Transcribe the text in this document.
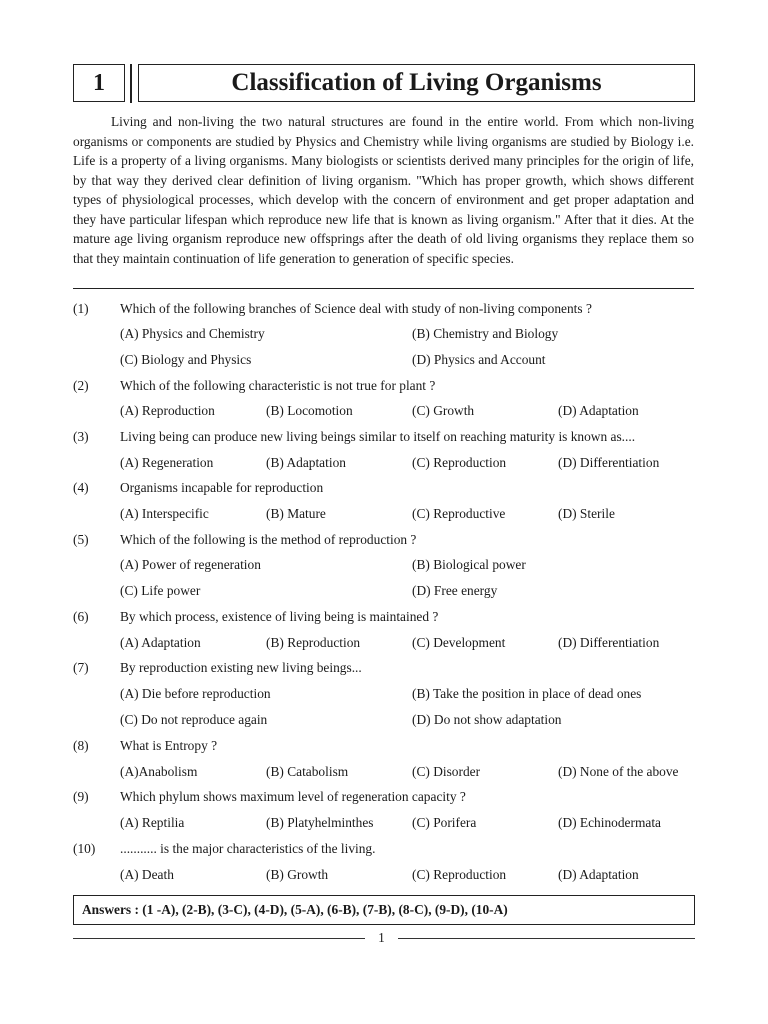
1	Classification of Living Organisms

Living and non-living the two natural structures are found in the entire world. From which non-living organisms or components are studied by Physics and Chemistry while living organisms are studied by Biology i.e. Life is a property of a living organisms. Many biologists or scientists derived many principles for the origin of life, by that way they derived clear definition of living organism. "Which has proper growth, which shows different types of physiological processes, which develop with the concern of environment and get proper adaptation and they have particular lifespan which reproduce new life that is known as living organism." After that it dies. At the mature age living organism reproduce new offsprings after the death of old living organisms they replace them so that they maintain continuation of life generation to generation of specific species.

(1) Which of the following branches of Science deal with study of non-living components ?
(A) Physics and Chemistry	(B) Chemistry and Biology
(C) Biology and Physics	(D) Physics and Account
(2) Which of the following characteristic is not true for plant ?
(A) Reproduction	(B) Locomotion	(C) Growth	(D) Adaptation
(3) Living being can produce new living beings similar to itself on reaching maturity is known as....
(A) Regeneration	(B) Adaptation	(C) Reproduction	(D) Differentiation
(4) Organisms incapable for reproduction
(A) Interspecific	(B) Mature	(C) Reproductive	(D) Sterile
(5) Which of the following is the method of reproduction ?
(A) Power of regeneration	(B) Biological power
(C) Life power	(D) Free energy
(6) By which process, existence of living being is maintained ?
(A) Adaptation	(B) Reproduction	(C) Development	(D) Differentiation
(7) By reproduction existing new living beings...
(A) Die before reproduction	(B) Take the position in place of dead ones
(C) Do not reproduce again	(D) Do not show adaptation
(8) What is Entropy ?
(A)Anabolism	(B) Catabolism	(C) Disorder	(D) None of the above
(9) Which phylum shows maximum level of regeneration capacity ?
(A) Reptilia	(B) Platyhelminthes	(C) Porifera	(D) Echinodermata
(10) ........... is the major characteristics of the living.
(A) Death	(B) Growth	(C) Reproduction	(D) Adaptation
Answers : (1 -A), (2-B), (3-C), (4-D), (5-A), (6-B), (7-B), (8-C), (9-D), (10-A)
1
